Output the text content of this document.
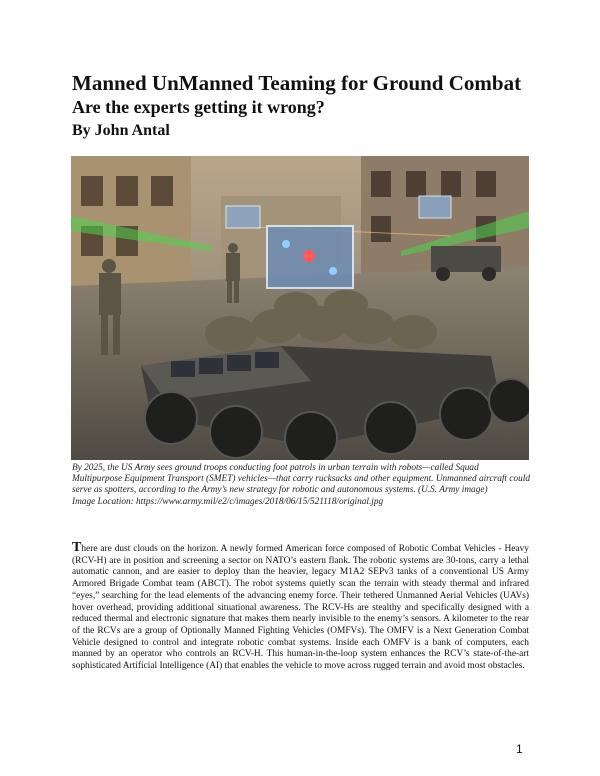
Manned UnManned Teaming for Ground Combat
Are the experts getting it wrong?
By John Antal

By 2025, the US Army sees ground troops conducting foot patrols in urban terrain with robots—called Squad Multipurpose Equipment Transport (SMET) vehicles—that carry rucksacks and other equipment. Unmanned aircraft could serve as spotters, according to the Army’s new strategy for robotic and autonomous systems. (U.S. Army image)

Image Location: https://www.army.mil/e2/c/images/2018/06/15/521118/original.jpg

There are dust clouds on the horizon. A newly formed American force composed of Robotic Combat Vehicles - Heavy (RCV-H) are in position and screening a sector on NATO’s eastern flank. The robotic systems are 30-tons, carry a lethal automatic cannon, and are easier to deploy than the heavier, legacy M1A2 SEPv3 tanks of a conventional US Army Armored Brigade Combat team (ABCT). The robot systems quietly scan the terrain with steady thermal and infrared “eyes,” searching for the lead elements of the advancing enemy force. Their tethered Unmanned Aerial Vehicles (UAVs) hover overhead, providing additional situational awareness. The RCV-Hs are stealthy and specifically designed with a reduced thermal and electronic signature that makes them nearly invisible to the enemy’s sensors. A kilometer to the rear of the RCVs are a group of Optionally Manned Fighting Vehicles (OMFVs). The OMFV is a Next Generation Combat Vehicle designed to control and integrate robotic combat systems. Inside each OMFV is a bank of computers, each manned by an operator who controls an RCV-H. This human-in-the-loop system enhances the RCV’s state-of-the-art sophisticated Artificial Intelligence (AI) that enables the vehicle to move across rugged terrain and avoid most obstacles.
1
